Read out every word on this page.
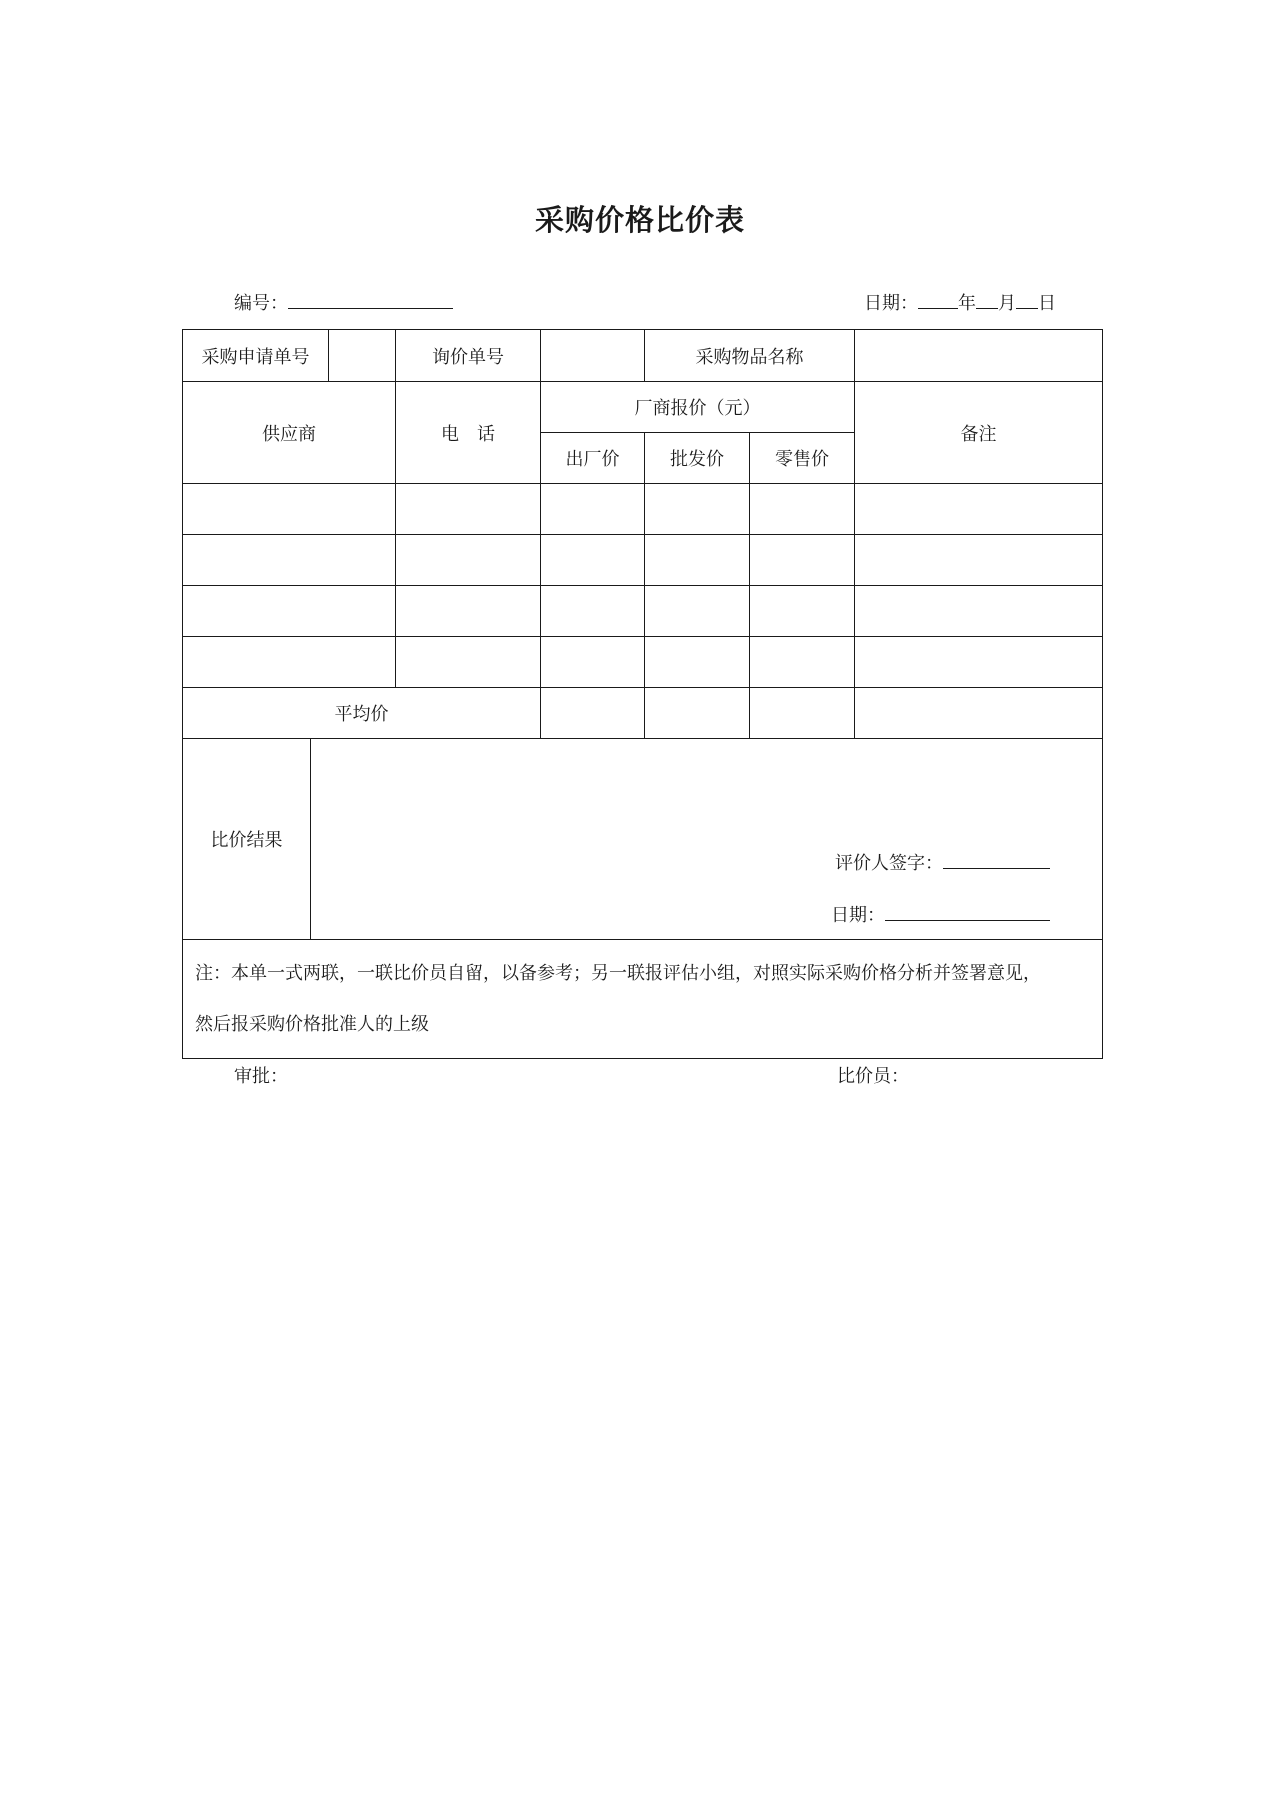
采购价格比价表
编号：	日期： 年 月 日
采购申请单号		询价单号		采购物品名称		
供应商		电　话	厂商报价（元）			备注
			出厂价	批发价	零售价	

平均价						
比价结果	评价人签字：
日期：					

注：本单一式两联，一联比价员自留，以备参考；另一联报评估小组，对照实际采购价格分析并签署意见，
然后报采购价格批准人的上级						
审批：	比价员：
